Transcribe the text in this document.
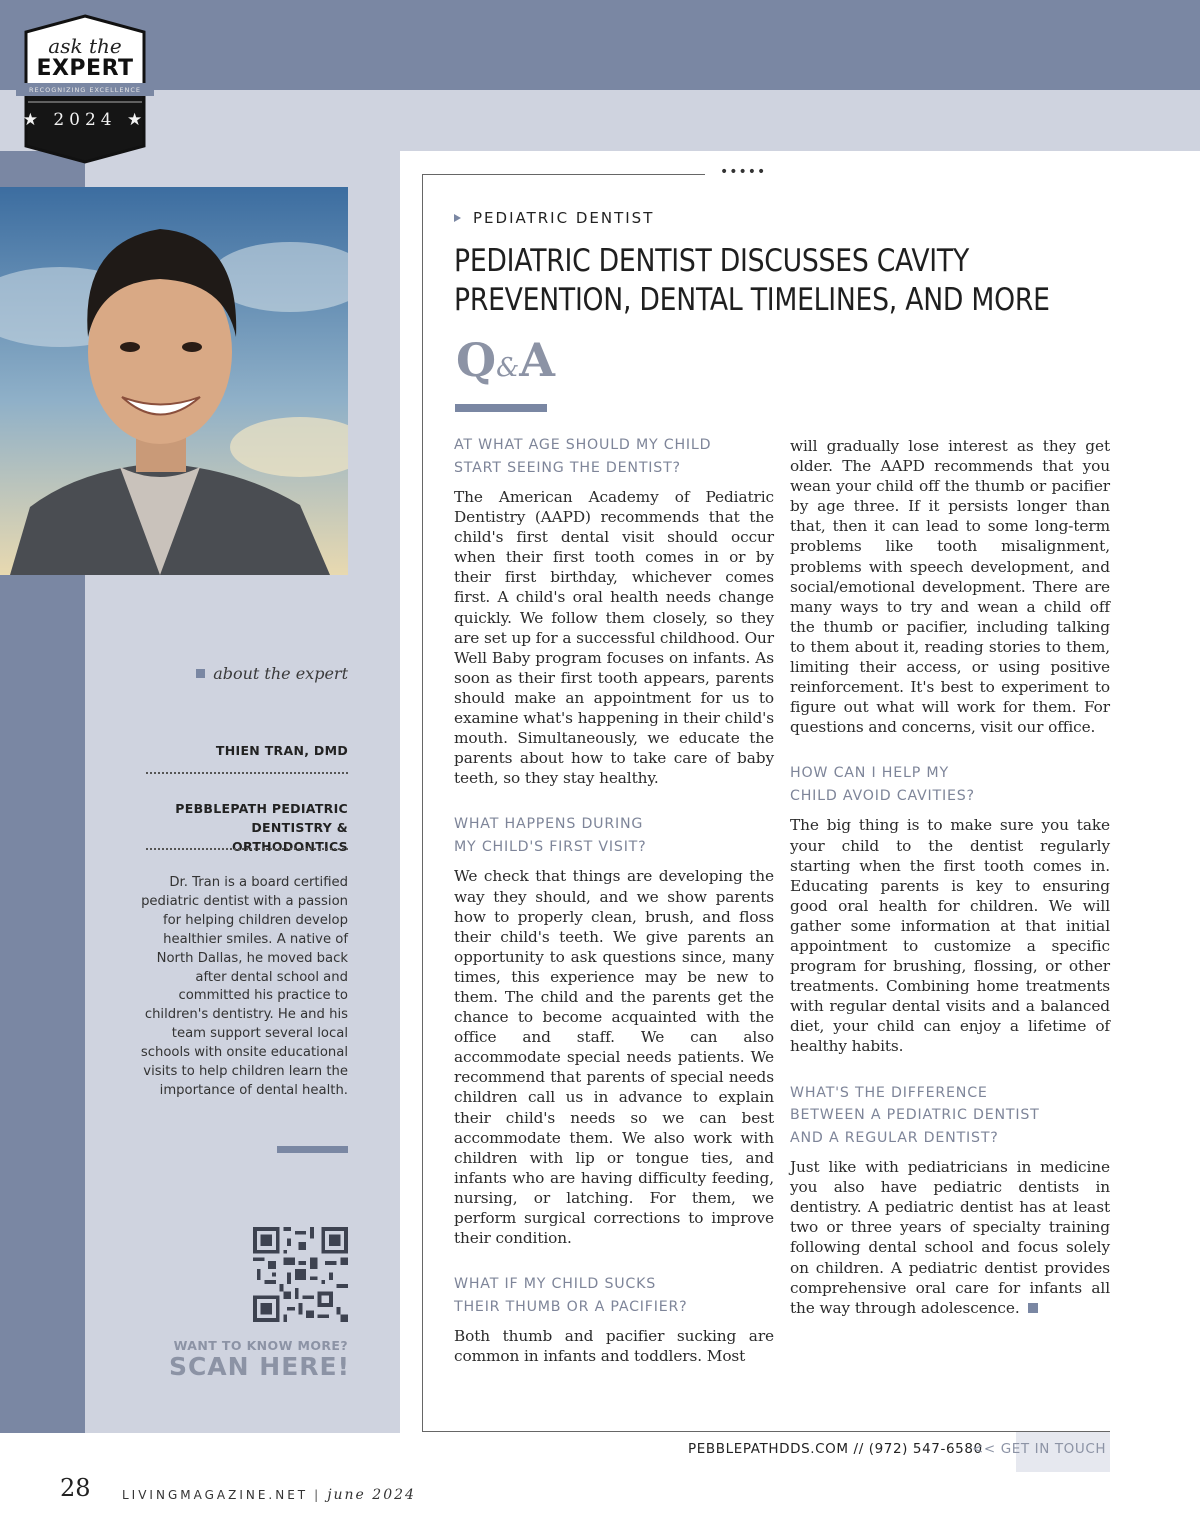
ask the
EXPERT
RECOGNIZING EXCELLENCE
★ 2024 ★
about the expert
THIEN TRAN, DMD
PEBBLEPATH PEDIATRIC
DENTISTRY & ORTHODONTICS
Dr. Tran is a board certified pediatric dentist with a passion for helping children develop healthier smiles. A native of North Dallas, he moved back after dental school and committed his practice to children's dentistry. He and his team support several local schools with onsite educational visits to help children learn the importance of dental health.
WANT TO KNOW MORE?
SCAN HERE!
•••••
PEDIATRIC DENTIST
PEDIATRIC DENTIST DISCUSSES CAVITY
PREVENTION, DENTAL TIMELINES, AND MORE
Q&A
AT WHAT AGE SHOULD MY CHILD
START SEEING THE DENTIST?
The American Academy of Pediatric Dentistry (AAPD) recommends that the child's first dental visit should occur when their first tooth comes in or by their first birthday, whichever comes first. A child's oral health needs change quickly. We follow them closely, so they are set up for a successful childhood. Our Well Baby program focuses on infants. As soon as their first tooth appears, parents should make an appointment for us to examine what's happening in their child's mouth. Simultaneously, we educate the parents about how to take care of baby teeth, so they stay healthy.
WHAT HAPPENS DURING
MY CHILD'S FIRST VISIT?
We check that things are developing the way they should, and we show parents how to properly clean, brush, and floss their child's teeth. We give parents an opportunity to ask questions since, many times, this experience may be new to them. The child and the parents get the chance to become acquainted with the office and staff. We can also accommodate special needs patients. We recommend that parents of special needs children call us in advance to explain their child's needs so we can best accommodate them. We also work with children with lip or tongue ties, and infants who are having difficulty feeding, nursing, or latching. For them, we perform surgical corrections to improve their condition.
WHAT IF MY CHILD SUCKS
THEIR THUMB OR A PACIFIER?
Both thumb and pacifier sucking are common in infants and toddlers. Most
will gradually lose interest as they get older. The AAPD recommends that you wean your child off the thumb or pacifier by age three. If it persists longer than that, then it can lead to some long-term problems like tooth misalignment, problems with speech development, and social/emotional development. There are many ways to try and wean a child off the thumb or pacifier, including talking to them about it, reading stories to them, limiting their access, or using positive reinforcement. It's best to experiment to figure out what will work for them. For questions and concerns, visit our office.
HOW CAN I HELP MY
CHILD AVOID CAVITIES?
The big thing is to make sure you take your child to the dentist regularly starting when the first tooth comes in. Educating parents is key to ensuring good oral health for children. We will gather some information at that initial appointment to customize a specific program for brushing, flossing, or other treatments. Combining home treatments with regular dental visits and a balanced diet, your child can enjoy a lifetime of healthy habits.
WHAT'S THE DIFFERENCE
BETWEEN A PEDIATRIC DENTIST
AND A REGULAR DENTIST?
Just like with pediatricians in medicine you also have pediatric dentists in dentistry. A pediatric dentist has at least two or three years of specialty training following dental school and focus solely on children. A pediatric dentist provides comprehensive oral care for infants all the way through adolescence.
PEBBLEPATHDDS.COM // (972) 547-6580
<< GET IN TOUCH
28	LIVINGMAGAZINE.NET | june 2024
